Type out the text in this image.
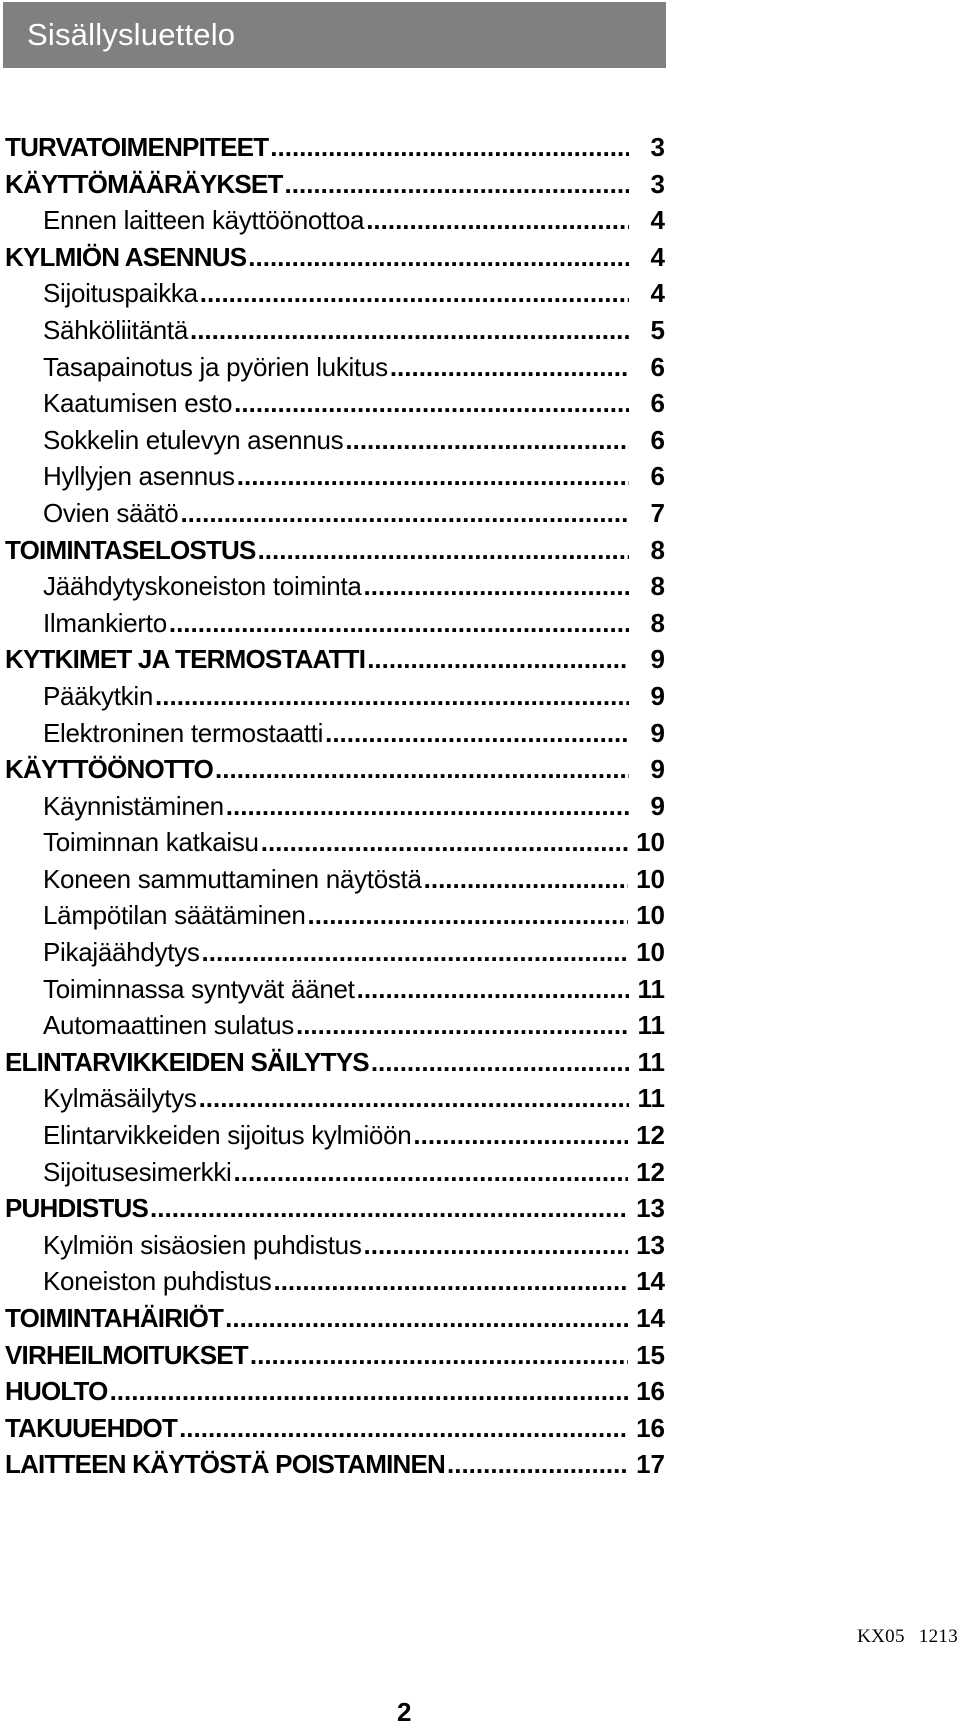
Sisällysluettelo
TURVATOIMENPITEET .....	3
KÄYTTÖMÄÄRÄYKSET .....	3
Ennen laitteen käyttöönottoa .....	4
KYLMIÖN ASENNUS .....	4
Sijoituspaikka .....	4
Sähköliitäntä .....	5
Tasapainotus ja pyörien lukitus .....	6
Kaatumisen esto .....	6
Sokkelin etulevyn asennus .....	6
Hyllyjen asennus .....	6
Ovien säätö .....	7
TOIMINTASELOSTUS .....	8
Jäähdytyskoneiston toiminta .....	8
Ilmankierto .....	8
KYTKIMET JA TERMOSTAATTI .....	9
Pääkytkin .....	9
Elektroninen termostaatti .....	9
KÄYTTÖÖNOTTO .....	9
Käynnistäminen .....	9
Toiminnan katkaisu .....	10
Koneen sammuttaminen näytöstä .....	10
Lämpötilan säätäminen .....	10
Pikajäähdytys .....	10
Toiminnassa syntyvät äänet .....	11
Automaattinen sulatus .....	11
ELINTARVIKKEIDEN SÄILYTYS .....	11
Kylmäsäilytys .....	11
Elintarvikkeiden sijoitus kylmiöön .....	12
Sijoitusesimerkki .....	12
PUHDISTUS .....	13
Kylmiön sisäosien puhdistus .....	13
Koneiston puhdistus .....	14
TOIMINTAHÄIRIÖT .....	14
VIRHEILMOITUKSET .....	15
HUOLTO .....	16
TAKUUEHDOT .....	16
LAITTEEN KÄYTÖSTÄ POISTAMINEN .....	17
KX05 1213
2
